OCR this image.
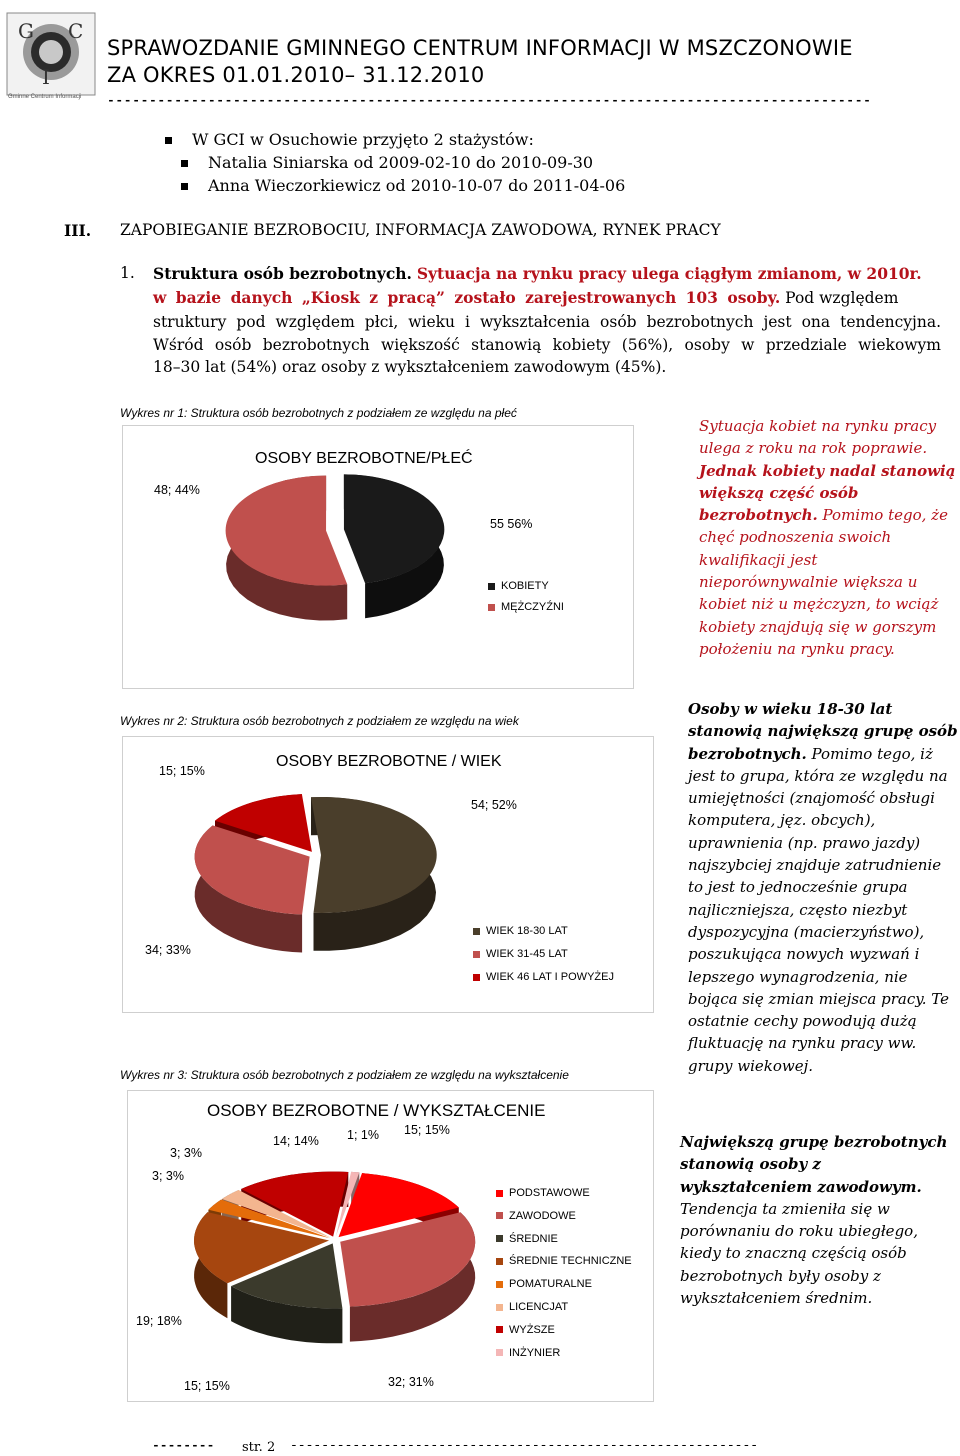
G C
I
Gminne Centrum Informacji
SPRAWOZDANIE GMINNEGO CENTRUM INFORMACJI W MSZCZONOWIE
ZA OKRES 01.01.2010– 31.12.2010
-------------------------------------------------------------------------------------------
W GCI w Osuchowie przyjęto 2 stażystów:
Natalia Siniarska od 2009-02-10 do 2010-09-30
Anna Wieczorkiewicz od 2010-10-07 do 2011-04-06
III. ZAPOBIEGANIE BEZROBOCIU, INFORMACJA ZAWODOWA, RYNEK PRACY
1. Struktura osób bezrobotnych. Sytuacja na rynku pracy ulega ciągłym zmianom, w 2010r.
w bazie danych „Kiosk z pracą” zostało zarejestrowanych 103 osoby. Pod względem
struktury pod względem płci, wieku i wykształcenia osób bezrobotnych jest ona tendencyjna.
Wśród osób bezrobotnych większość stanowią kobiety (56%), osoby w przedziale wiekowym
18–30 lat (54%) oraz osoby z wykształceniem zawodowym (45%).
Wykres nr 1: Struktura osób bezrobotnych z podziałem ze względu na płeć
OSOBY BEZROBOTNE/PŁEĆ
48; 44%
55 56%
KOBIETY
MĘŻCZYŹNI
Sytuacja kobiet na rynku pracy ulega z roku na rok poprawie. Jednak kobiety nadal stanowią większą część osób bezrobotnych. Pomimo tego, że chęć podnoszenia swoich kwalifikacji jest nieporównywalnie większa u kobiet niż u mężczyzn, to wciąż kobiety znajdują się w gorszym położeniu na rynku pracy.
Wykres nr 2: Struktura osób bezrobotnych z podziałem ze względu na wiek
OSOBY BEZROBOTNE / WIEK
15; 15%
54; 52%
34; 33%
WIEK 18-30 LAT
WIEK 31-45 LAT
WIEK 46 LAT I POWYŻEJ
Osoby w wieku 18-30 lat stanowią największą grupę osób bezrobotnych. Pomimo tego, iż jest to grupa, która ze względu na umiejętności (znajomość obsługi komputera, jęz. obcych), uprawnienia (np. prawo jazdy) najszybciej znajduje zatrudnienie to jest to jednocześnie grupa najliczniejsza, często niezbyt dyspozycyjna (macierzyństwo), poszukująca nowych wyzwań i lepszego wynagrodzenia, nie bojąca się zmian miejsca pracy. Te ostatnie cechy powodują dużą fluktuację na rynku pracy ww. grupy wiekowej.
Wykres nr 3: Struktura osób bezrobotnych z podziałem ze względu na wykształcenie
OSOBY BEZROBOTNE / WYKSZTAŁCENIE
15; 15%
1; 1%
14; 14%
3; 3%
3; 3%
19; 18%
15; 15%	32; 31%
PODSTAWOWE
ZAWODOWE
ŚREDNIE
ŚREDNIE TECHNICZNE
POMATURALNE
LICENCJAT
WYŻSZE
INŻYNIER
Największą grupę bezrobotnych stanowią osoby z wykształceniem zawodowym. Tendencja ta zmieniła się w porównaniu do roku ubiegłego, kiedy to znaczną częścią osób bezrobotnych były osoby z wykształceniem średnim.
-------- str. 2 ------------------------------------------------------------
